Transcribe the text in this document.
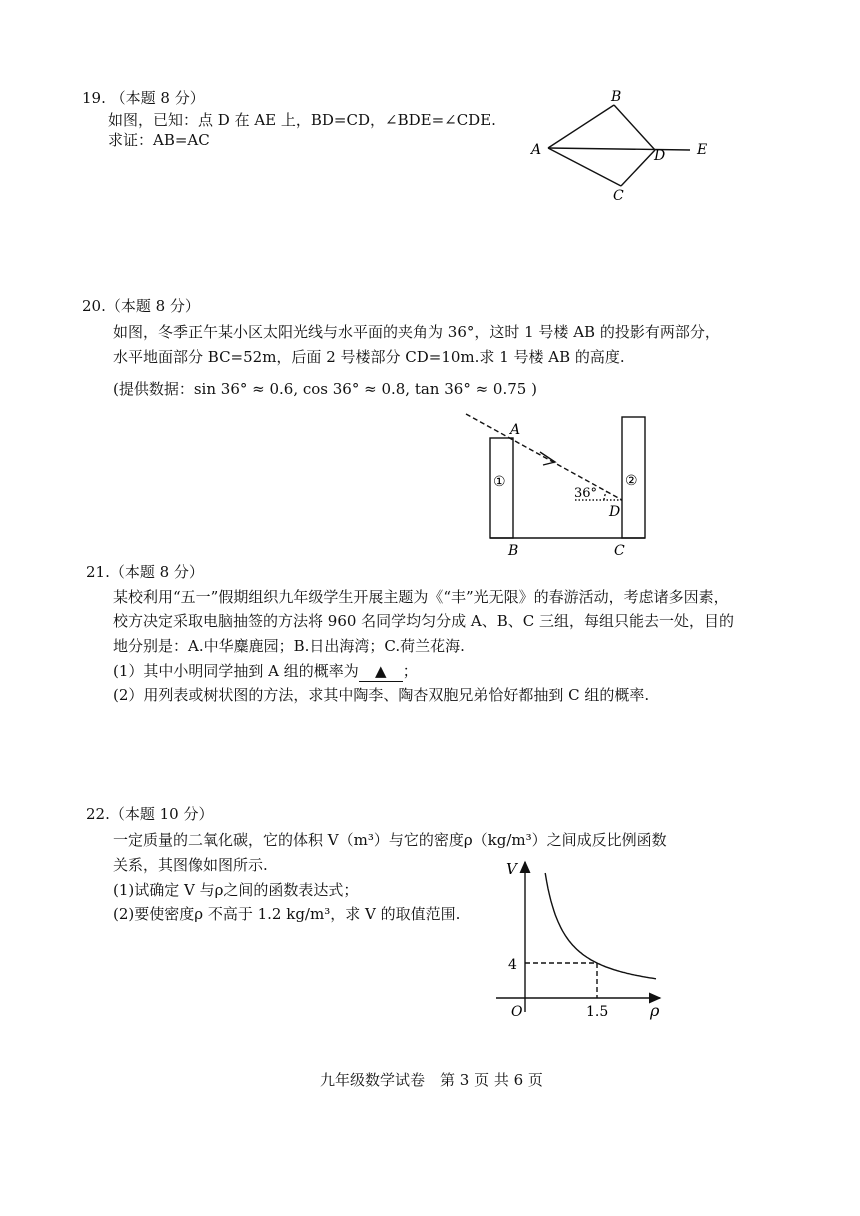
19. （本题 8 分）
如图，已知：点 D 在 AE 上，BD=CD，∠BDE=∠CDE.
求证：AB=AC
A
B
C
D E
20.（本题 8 分）
如图，冬季正午某小区太阳光线与水平面的夹角为 36°，这时 1 号楼 AB 的投影有两部分，
水平地面部分 BC=52m，后面 2 号楼部分 CD=10m.求 1 号楼 AB 的高度.
(提供数据：sin 36° ≈ 0.6, cos 36° ≈ 0.8, tan 36° ≈ 0.75 )
A
B	C
D
①	②
36°
21.（本题 8 分）
某校利用“五一”假期组织九年级学生开展主题为《“丰”光无限》的春游活动，考虑诸多因素，
校方决定采取电脑抽签的方法将 960 名同学均匀分成 A、B、C 三组，每组只能去一处，目的
地分别是：A.中华麋鹿园；B.日出海湾；C.荷兰花海.
(1）其中小明同学抽到 A 组的概率为 ▲ ；
(2）用列表或树状图的方法，求其中陶李、陶杏双胞兄弟恰好都抽到 C 组的概率.
22.（本题 10 分）
一定质量的二氧化碳，它的体积 V（m³）与它的密度ρ（kg/m³）之间成反比例函数
关系，其图像如图所示.
(1)试确定 V 与ρ之间的函数表达式；
(2)要使密度ρ 不高于 1.2 kg/m³，求 V 的取值范围.
V
ρ
O
4
1.5
九年级数学试卷　第 3 页 共 6 页
